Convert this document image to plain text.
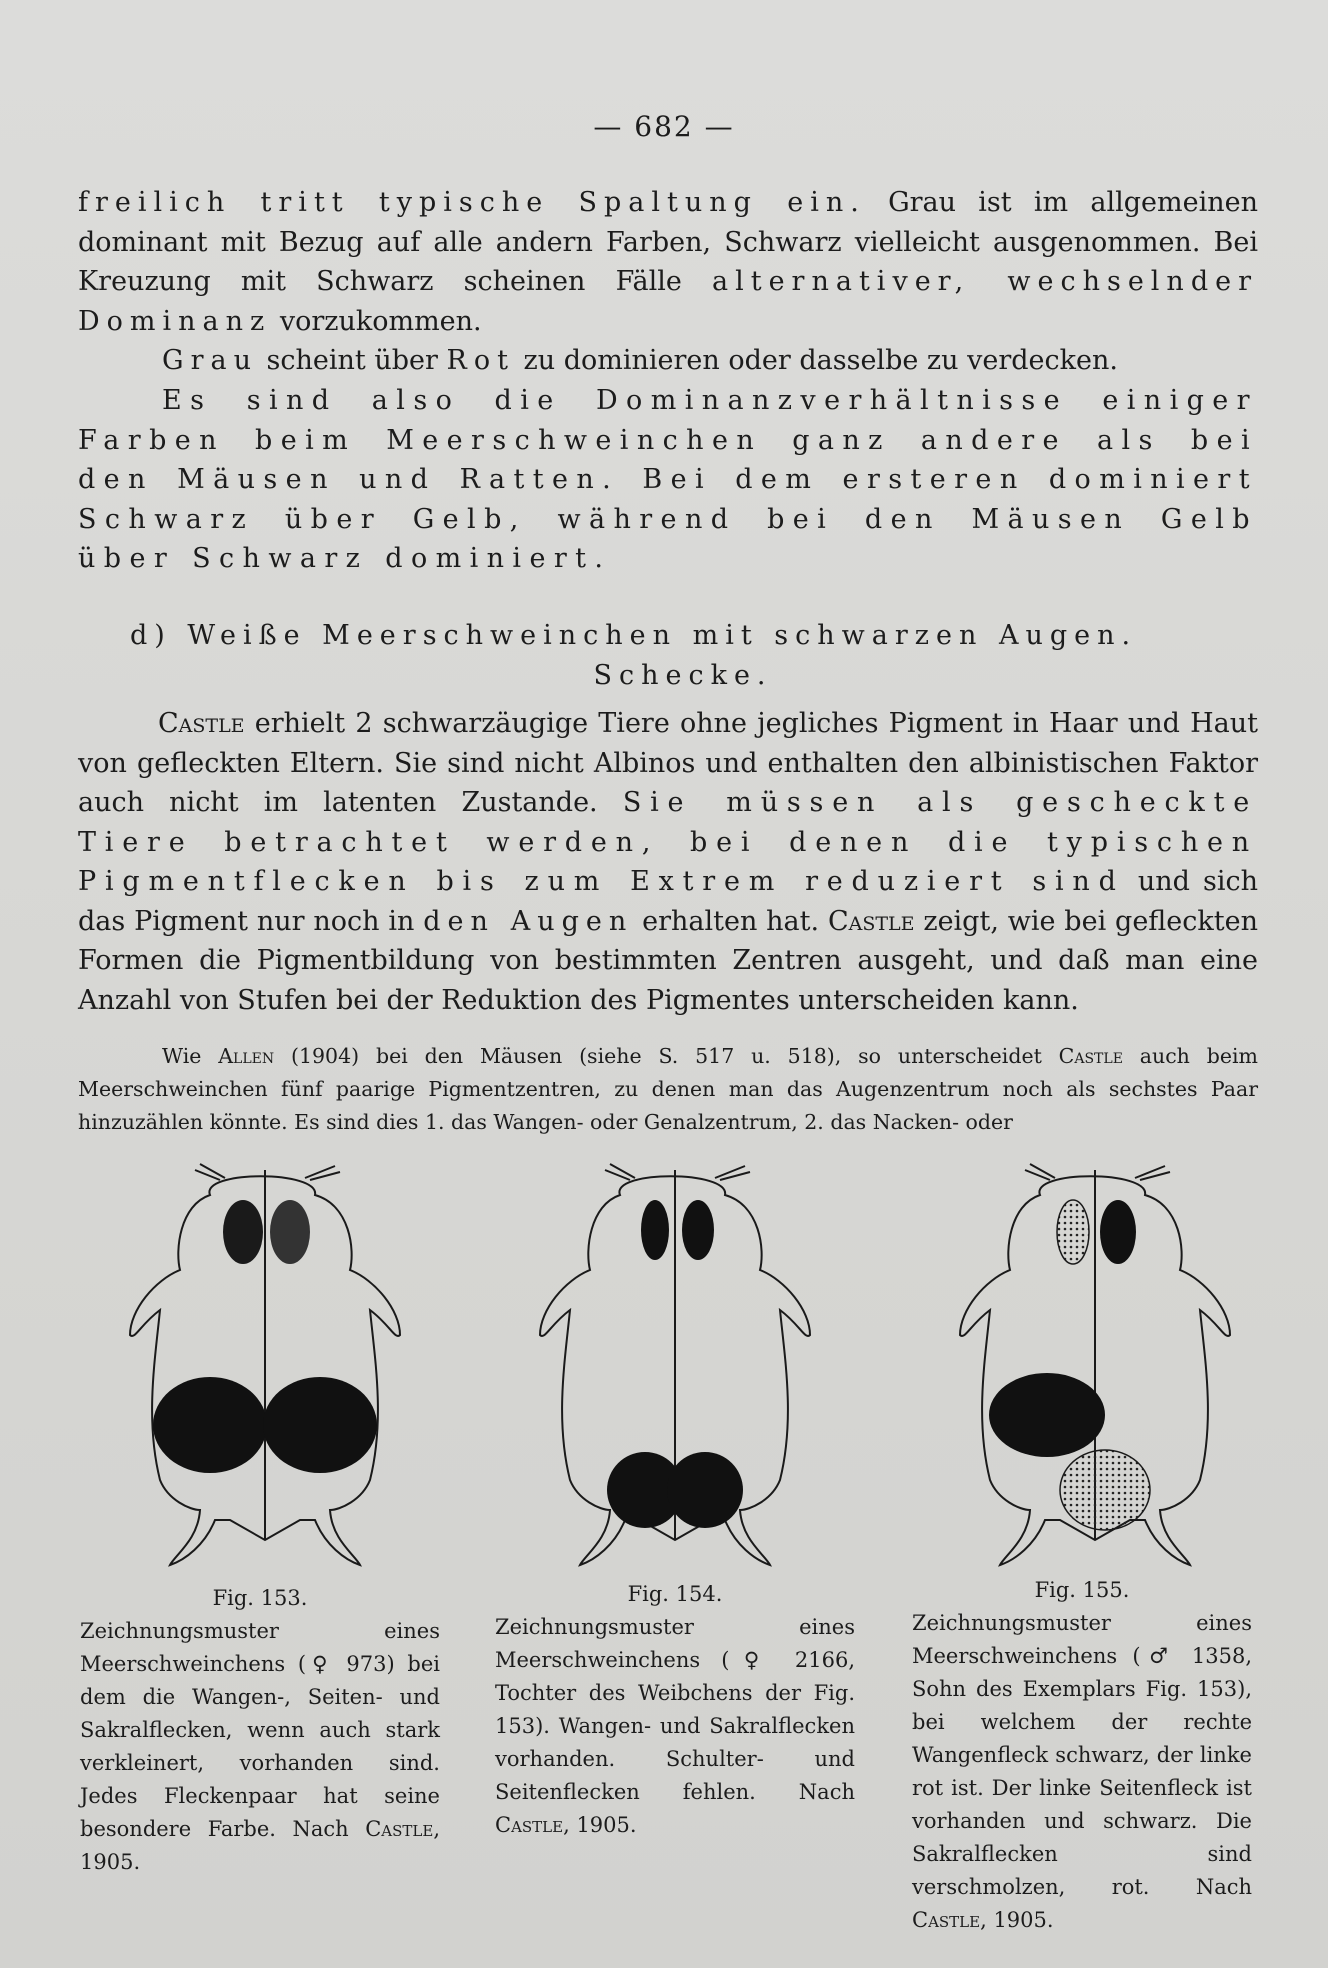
— 682 —

freilich tritt typische Spaltung ein. Grau ist im allgemeinen dominant mit Bezug auf alle andern Farben, Schwarz vielleicht ausgenommen. Bei Kreuzung mit Schwarz scheinen Fälle alternativer, wechselnder Dominanz vorzukommen.

Grau scheint über Rot zu dominieren oder dasselbe zu verdecken.

Es sind also die Dominanzverhältnisse einiger Farben beim Meerschweinchen ganz andere als bei den Mäusen und Ratten. Bei dem ersteren dominiert Schwarz über Gelb, während bei den Mäusen Gelb über Schwarz dominiert.

d) Weiße Meerschweinchen mit schwarzen Augen.
Schecke.

Castle erhielt 2 schwarzäugige Tiere ohne jegliches Pigment in Haar und Haut von gefleckten Eltern. Sie sind nicht Albinos und enthalten den albinistischen Faktor auch nicht im latenten Zustande. Sie müssen als gescheckte Tiere betrachtet werden, bei denen die typischen Pigmentflecken bis zum Extrem reduziert sind und sich das Pigment nur noch in den Augen erhalten hat. Castle zeigt, wie bei gefleckten Formen die Pigmentbildung von bestimmten Zentren ausgeht, und daß man eine Anzahl von Stufen bei der Reduktion des Pigmentes unterscheiden kann.

Wie Allen (1904) bei den Mäusen (siehe S. 517 u. 518), so unterscheidet Castle auch beim Meerschweinchen fünf paarige Pigmentzentren, zu denen man das Augenzentrum noch als sechstes Paar hinzuzählen könnte. Es sind dies 1. das Wangen- oder Genalzentrum, 2. das Nacken- oder

Fig. 153.
Zeichnungsmuster eines Meerschweinchens (♀ 973) bei dem die Wangen-, Seiten- und Sakralflecken, wenn auch stark verkleinert, vorhanden sind. Jedes Fleckenpaar hat seine besondere Farbe. Nach Castle, 1905.
Fig. 154.
Zeichnungsmuster eines Meerschweinchens (♀ 2166, Tochter des Weibchens der Fig. 153). Wangen- und Sakralflecken vorhanden. Schulter- und Seitenflecken fehlen. Nach Castle, 1905.
Fig. 155.
Zeichnungsmuster eines Meerschweinchens (♂ 1358, Sohn des Exemplars Fig. 153), bei welchem der rechte Wangenfleck schwarz, der linke rot ist. Der linke Seitenfleck ist vorhanden und schwarz. Die Sakralflecken sind verschmolzen, rot. Nach Castle, 1905.
